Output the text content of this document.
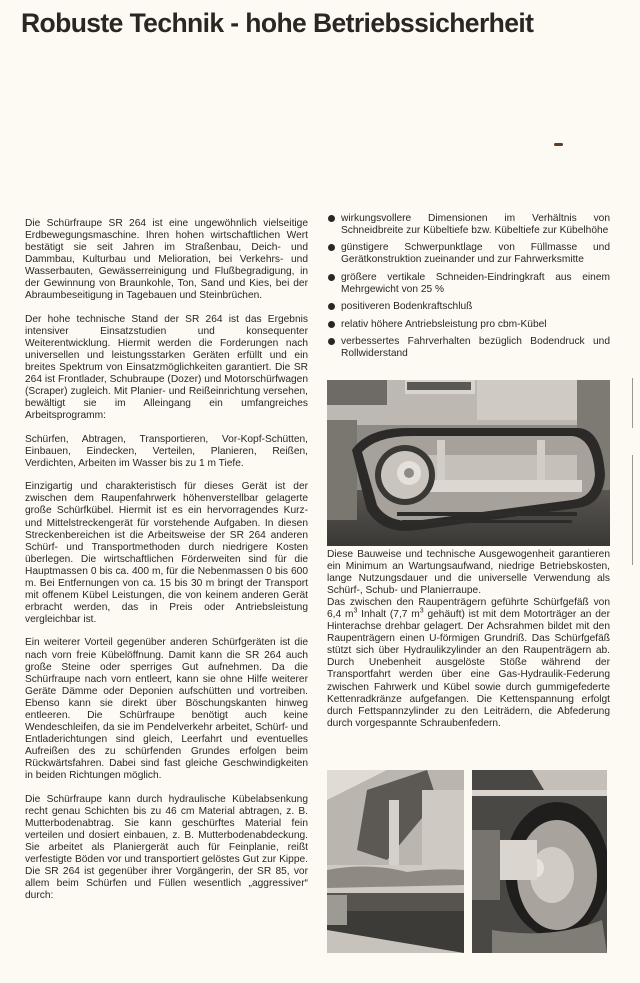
Robuste Technik - hohe Betriebssicherheit

Die Schürfraupe SR 264 ist eine ungewöhnlich vielseitige Erdbewegungsmaschine. Ihren hohen wirtschaftlichen Wert bestätigt sie seit Jahren im Straßenbau, Deich- und Dammbau, Kulturbau und Melioration, bei Verkehrs- und Wasserbauten, Gewässerreinigung und Flußbegradigung, in der Gewinnung von Braunkohle, Ton, Sand und Kies, bei der Abraumbeseitigung in Tagebauen und Steinbrüchen.

Der hohe technische Stand der SR 264 ist das Ergebnis intensiver Einsatzstudien und konsequenter Weiterentwicklung. Hiermit werden die Forderungen nach universellen und leistungsstarken Geräten erfüllt und ein breites Spektrum von Einsatzmöglichkeiten garantiert. Die SR 264 ist Frontlader, Schubraupe (Dozer) und Motorschürfwagen (Scraper) zugleich. Mit Planier- und Reißeinrichtung versehen, bewältigt sie im Alleingang ein umfangreiches Arbeitsprogramm:

Schürfen, Abtragen, Transportieren, Vor-Kopf-Schütten, Einbauen, Eindecken, Verteilen, Planieren, Reißen, Verdichten, Arbeiten im Wasser bis zu 1 m Tiefe.

Einzigartig und charakteristisch für dieses Gerät ist der zwischen dem Raupenfahrwerk höhenverstellbar gelagerte große Schürfkübel. Hiermit ist es ein hervorragendes Kurz- und Mittelstreckengerät für vorstehende Aufgaben. In diesen Streckenbereichen ist die Arbeitsweise der SR 264 anderen Schürf- und Transportmethoden durch niedrigere Kosten überlegen. Die wirtschaftlichen Förderweiten sind für die Hauptmassen 0 bis ca. 400 m, für die Nebenmassen 0 bis 600 m. Bei Entfernungen von ca. 15 bis 30 m bringt der Transport mit offenem Kübel Leistungen, die von keinem anderen Gerät erbracht werden, das in Preis oder Antriebsleistung vergleichbar ist.

Ein weiterer Vorteil gegenüber anderen Schürfgeräten ist die nach vorn freie Kübelöffnung. Damit kann die SR 264 auch große Steine oder sperriges Gut aufnehmen. Da die Schürfraupe nach vorn entleert, kann sie ohne Hilfe weiterer Geräte Dämme oder Deponien aufschütten und vortreiben. Ebenso kann sie direkt über Böschungskanten hinweg entleeren. Die Schürfraupe benötigt auch keine Wendeschleifen, da sie im Pendelverkehr arbeitet, Schürf- und Entladerichtungen sind gleich, Leerfahrt und eventuelles Aufreißen des zu schürfenden Grundes erfolgen beim Rückwärtsfahren. Dabei sind fast gleiche Geschwindigkeiten in beiden Richtungen möglich.

Die Schürfraupe kann durch hydraulische Kübelabsenkung recht genau Schichten bis zu 46 cm Material abtragen, z. B. Mutterbodenabtrag. Sie kann geschürftes Material fein verteilen und dosiert einbauen, z. B. Mutterbodenabdeckung. Sie arbeitet als Planiergerät auch für Feinplanie, reißt verfestigte Böden vor und transportiert gelöstes Gut zur Kippe. Die SR 264 ist gegenüber ihrer Vorgängerin, der SR 85, vor allem beim Schürfen und Füllen wesentlich „aggressiver“ durch:

wirkungsvollere Dimensionen im Verhältnis von Schneidbreite zur Kübeltiefe bzw. Kübeltiefe zur Kübelhöhe
günstigere Schwerpunktlage von Füllmasse und Gerätkonstruktion zueinander und zur Fahrwerksmitte
größere vertikale Schneiden-Eindringkraft aus einem Mehrgewicht von 25 %
positiveren Bodenkraftschluß
relativ höhere Antriebsleistung pro cbm-Kübel
verbessertes Fahrverhalten bezüglich Bodendruck und Rollwiderstand

Diese Bauweise und technische Ausgewogenheit garantieren ein Minimum an Wartungsaufwand, niedrige Betriebskosten, lange Nutzungsdauer und die universelle Verwendung als Schürf-, Schub- und Planierraupe.

Das zwischen den Raupenträgern geführte Schürfgefäß von 6,4 $m^3$ Inhalt (7,7 $m^3$ gehäuft) ist mit dem Motorträger an der Hinterachse drehbar gelagert. Der Achsrahmen bildet mit den Raupenträgern einen U-förmigen Grundriß. Das Schürfgefäß stützt sich über Hydraulikzylinder an den Raupenträgern ab. Durch Unebenheit ausgelöste Stöße während der Transportfahrt werden über eine Gas-Hydraulik-Federung zwischen Fahrwerk und Kübel sowie durch gummigefederte Kettenradkränze aufgefangen. Die Kettenspannung erfolgt durch Fettspannzylinder zu den Leiträdern, die Abfederung durch vorgespannte Schraubenfedern.
